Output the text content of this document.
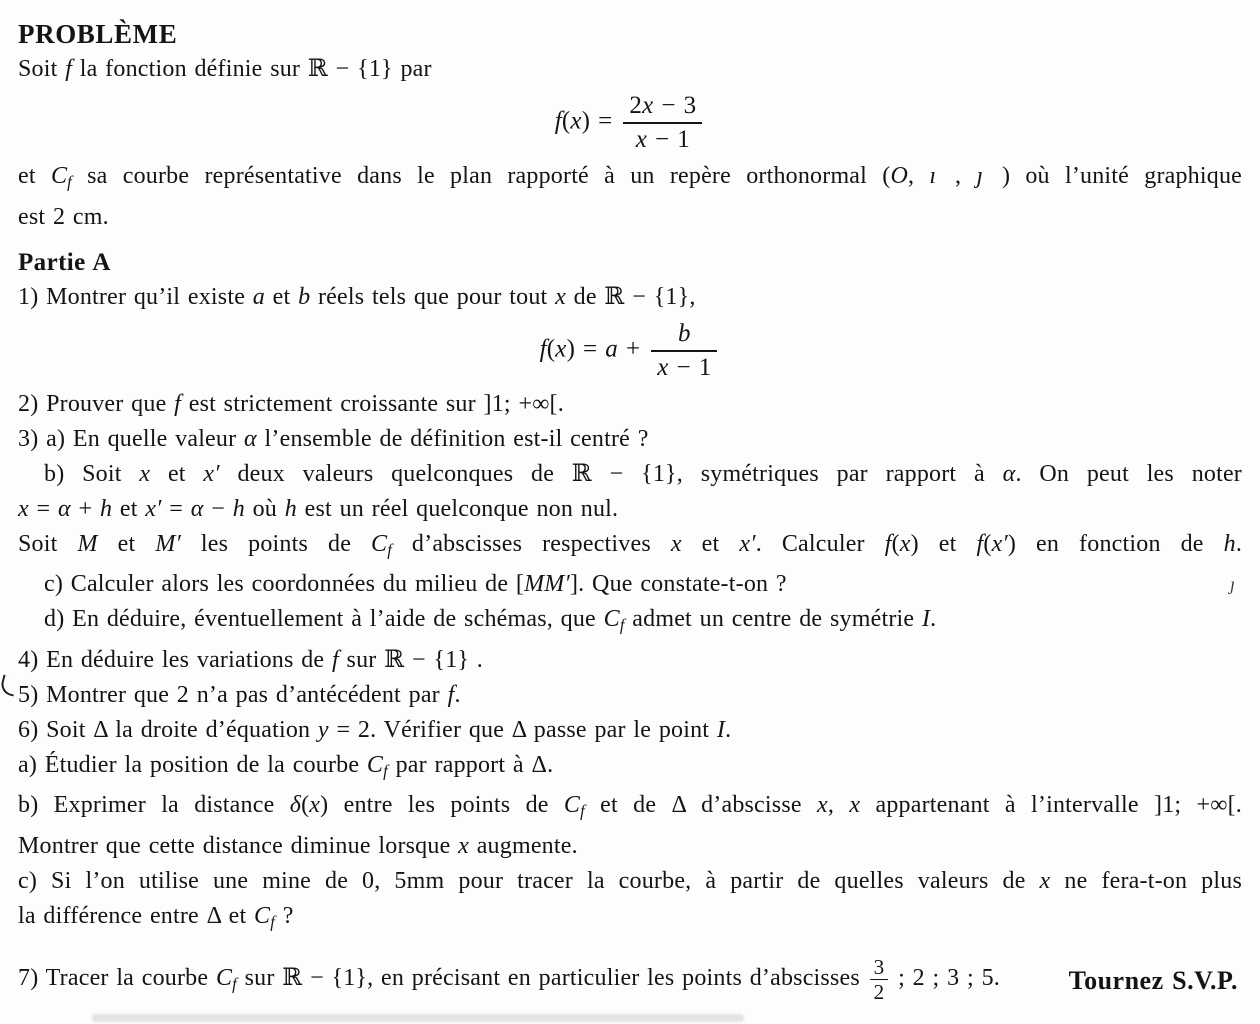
PROBLÈME
Soit f la fonction définie sur ℝ − {1} par
$f(x) = \frac{2x - 3}{x - 1}$
et Cf sa courbe représentative dans le plan rapporté à un repère orthonormal (O, ı⃗, ȷ⃗) où l’unité graphique
est 2 cm.
Partie A
1) Montrer qu’il existe a et b réels tels que pour tout x de ℝ − {1},
$f(x) = a + \frac{b}{x - 1}$
2) Prouver que f est strictement croissante sur ]1; +∞[.
3) a) En quelle valeur α l’ensemble de définition est-il centré ?
b) Soit x et x′ deux valeurs quelconques de ℝ − {1}, symétriques par rapport à α. On peut les noter
x = α + h et x′ = α − h où h est un réel quelconque non nul.
Soit M et M′ les points de Cf d’abscisses respectives x et x′. Calculer f(x) et f(x′) en fonction de h.
c) Calculer alors les coordonnées du milieu de [MM′]. Que constate-t-on ?
d) En déduire, éventuellement à l’aide de schémas, que Cf admet un centre de symétrie I.
4) En déduire les variations de f sur ℝ − {1} .
5) Montrer que 2 n’a pas d’antécédent par f.
6) Soit Δ la droite d’équation y = 2. Vérifier que Δ passe par le point I.
a) Étudier la position de la courbe Cf par rapport à Δ.
b) Exprimer la distance δ(x) entre les points de Cf et de Δ d’abscisse x, x appartenant à l’intervalle ]1; +∞[.
Montrer que cette distance diminue lorsque x augmente.
c) Si l’on utilise une mine de 0, 5mm pour tracer la courbe, à partir de quelles valeurs de x ne fera-t-on plus
la différence entre Δ et Cf ?
7) Tracer la courbe Cf sur ℝ − {1}, en précisant en particulier les points d’abscisses $\frac{3}{2}$ ; 2 ; 3 ; 5.	Tournez S.V.P.
ȷ
